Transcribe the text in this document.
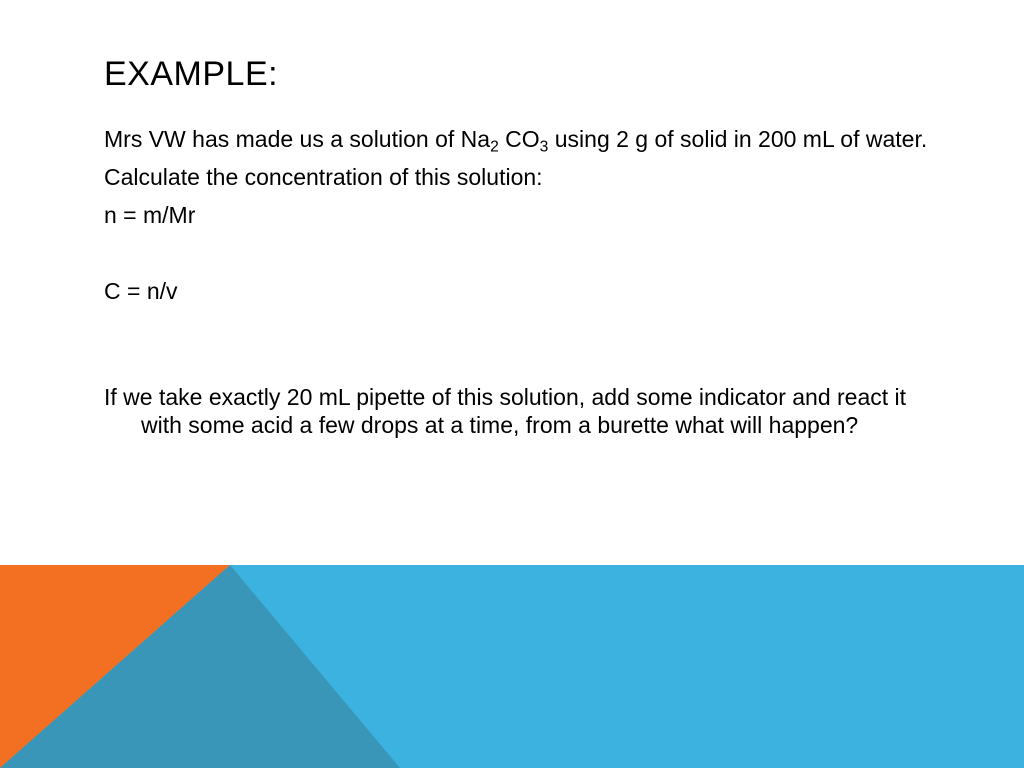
EXAMPLE:

Mrs VW has made us a solution of $Na_2$ $CO_3$ using 2 g of solid in 200 mL of water.

Calculate the concentration of this solution:

n = m/Mr

C = n/v

If we take exactly 20 mL pipette of this solution, add some indicator and react it with some acid a few drops at a time, from a burette what will happen?
